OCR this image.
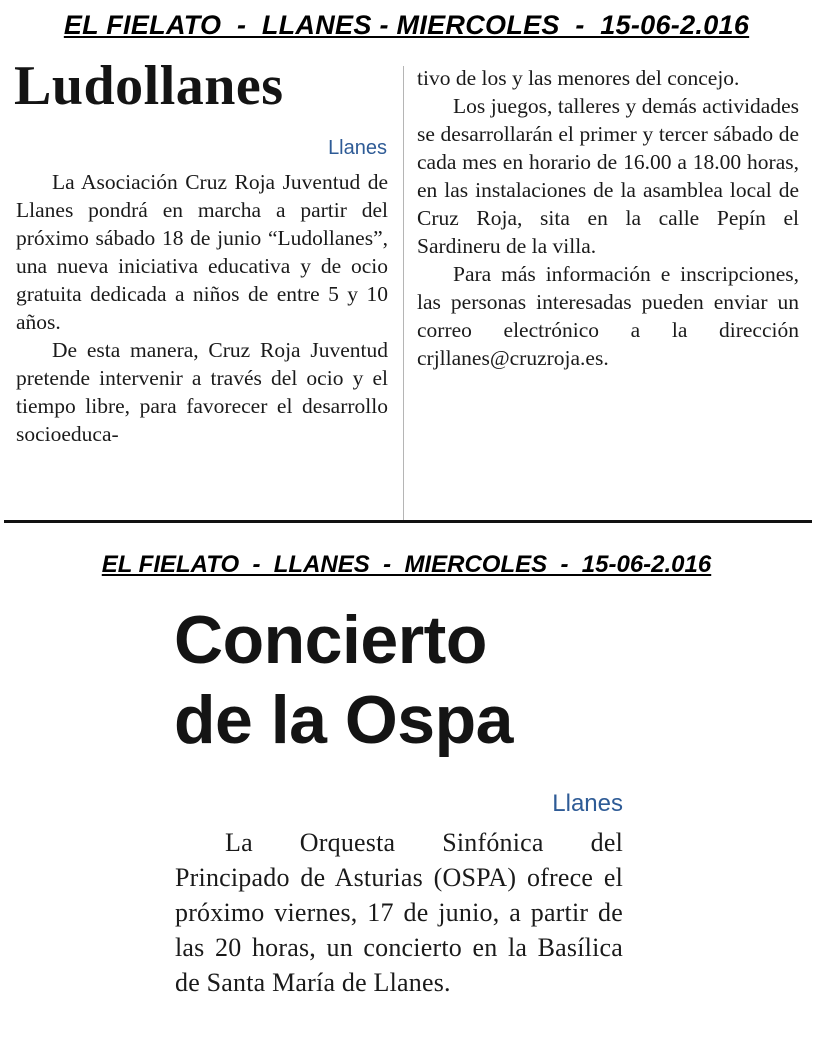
EL FIELATO  -  LLANES - MIERCOLES  -  15-06-2.016
Ludollanes
Llanes

La Asociación Cruz Roja Juventud de Llanes pondrá en marcha a partir del próximo sábado 18 de junio “Ludollanes”, una nueva iniciativa educativa y de ocio gratuita dedicada a niños de entre 5 y 10 años.

De esta manera, Cruz Roja Juventud pretende intervenir a través del ocio y el tiempo libre, para favorecer el desarrollo socioeduca-

tivo de los y las menores del concejo.

Los juegos, talleres y demás actividades se desarrollarán el primer y tercer sábado de cada mes en horario de 16.00 a 18.00 horas, en las instalaciones de la asamblea local de Cruz Roja, sita en la calle Pepín el Sardineru de la villa.

Para más información e inscripciones, las personas interesadas pueden enviar un correo electrónico a la dirección crjllanes@cruzroja.es.

EL FIELATO  -  LLANES  -  MIERCOLES  -  15-06-2.016
Concierto
de la Ospa
Llanes

La Orquesta Sinfónica del Principado de Asturias (OSPA) ofrece el próximo viernes, 17 de junio, a partir de las 20 horas, un concierto en la Basílica de Santa María de Llanes.
